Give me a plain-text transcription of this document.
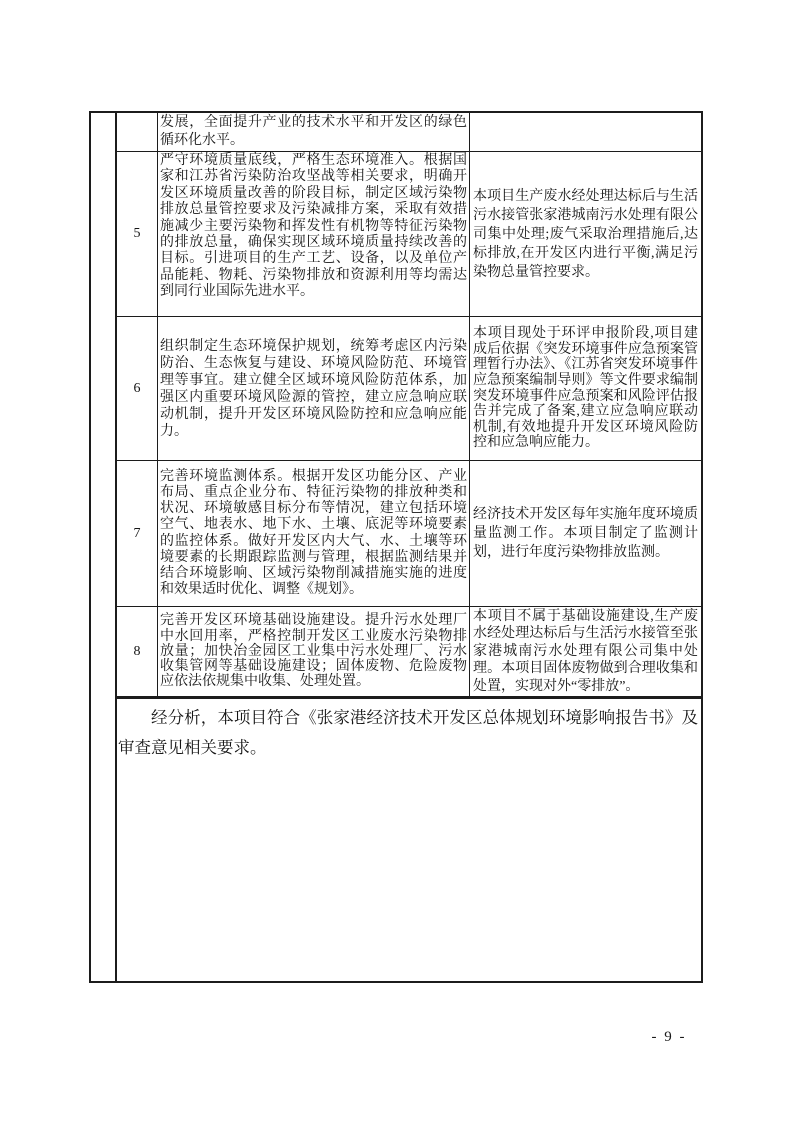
发展，全面提升产业的技术水平和开发区的绿色循环化水平。
5
严守环境质量底线，严格生态环境准入。根据国家和江苏省污染防治攻坚战等相关要求，明确开发区环境质量改善的阶段目标，制定区域污染物排放总量管控要求及污染减排方案，采取有效措施减少主要污染物和挥发性有机物等特征污染物的排放总量，确保实现区域环境质量持续改善的目标。引进项目的生产工艺、设备，以及单位产品能耗、物耗、污染物排放和资源利用等均需达到同行业国际先进水平。
本项目生产废水经处理达标后与生活污水接管张家港城南污水处理有限公司集中处理;废气采取治理措施后,达标排放,在开发区内进行平衡,满足污染物总量管控要求。
6
组织制定生态环境保护规划，统筹考虑区内污染防治、生态恢复与建设、环境风险防范、环境管理等事宜。建立健全区域环境风险防范体系，加强区内重要环境风险源的管控，建立应急响应联动机制，提升开发区环境风险防控和应急响应能力。
本项目现处于环评申报阶段,项目建成后依据《突发环境事件应急预案管理暂行办法》、《江苏省突发环境事件应急预案编制导则》等文件要求编制突发环境事件应急预案和风险评估报告并完成了备案,建立应急响应联动机制,有效地提升开发区环境风险防控和应急响应能力。
7
完善环境监测体系。根据开发区功能分区、产业布局、重点企业分布、特征污染物的排放种类和状况、环境敏感目标分布等情况，建立包括环境空气、地表水、地下水、土壤、底泥等环境要素的监控体系。做好开发区内大气、水、土壤等环境要素的长期跟踪监测与管理，根据监测结果并结合环境影响、区域污染物削减措施实施的进度和效果适时优化、调整《规划》。
经济技术开发区每年实施年度环境质量监测工作。本项目制定了监测计划，进行年度污染物排放监测。
8
完善开发区环境基础设施建设。提升污水处理厂中水回用率，严格控制开发区工业废水污染物排放量；加快冶金园区工业集中污水处理厂、污水收集管网等基础设施建设；固体废物、危险废物应依法依规集中收集、处理处置。
本项目不属于基础设施建设,生产废水经处理达标后与生活污水接管至张家港城南污水处理有限公司集中处理。本项目固体废物做到合理收集和处置，实现对外“零排放”。

经分析，本项目符合《张家港经济技术开发区总体规划环境影响报告书》及审查意见相关要求。

- 9 -
